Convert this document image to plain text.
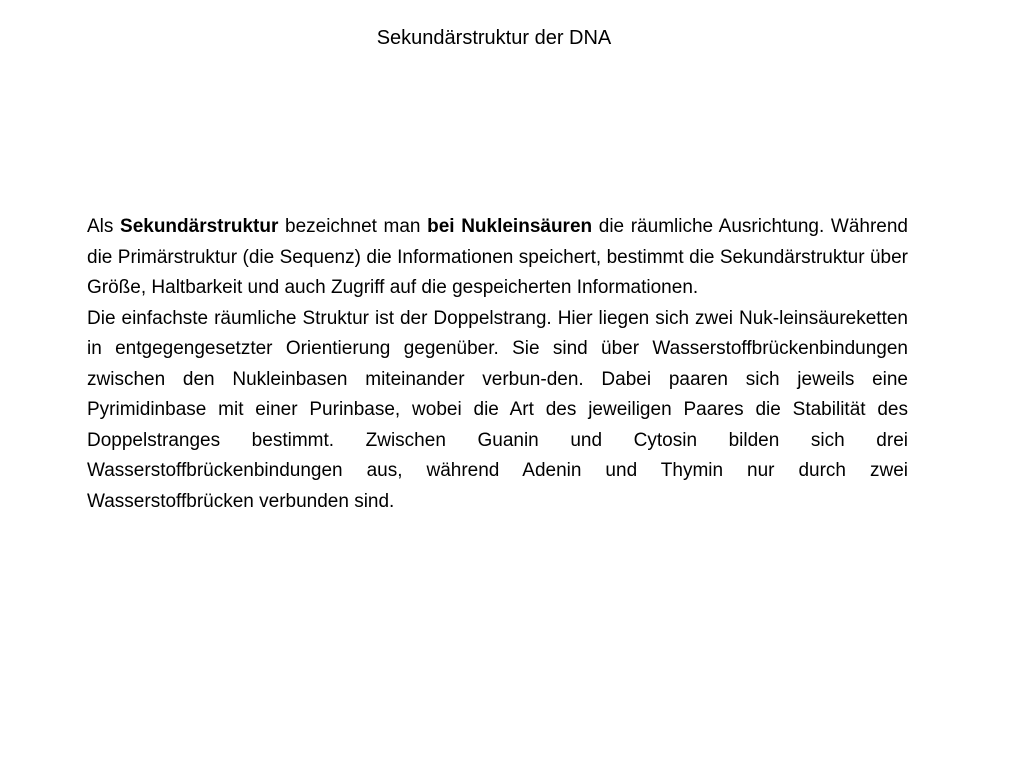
Sekundärstruktur der DNA

Als Sekundärstruktur bezeichnet man bei Nukleinsäuren die räumliche Ausrichtung. Während die Primärstruktur (die Sequenz) die Informationen speichert, bestimmt die Sekundärstruktur über Größe, Haltbarkeit und auch Zugriff auf die gespeicherten Informationen.

Die einfachste räumliche Struktur ist der Doppelstrang. Hier liegen sich zwei Nuk-leinsäureketten in entgegengesetzter Orientierung gegenüber. Sie sind über Wasserstoffbrückenbindungen zwischen den Nukleinbasen miteinander verbun-den. Dabei paaren sich jeweils eine Pyrimidinbase mit einer Purinbase, wobei die Art des jeweiligen Paares die Stabilität des Doppelstranges bestimmt. Zwischen Guanin und Cytosin bilden sich drei Wasserstoffbrückenbindungen aus, während Adenin und Thymin nur durch zwei Wasserstoffbrücken verbunden sind.
